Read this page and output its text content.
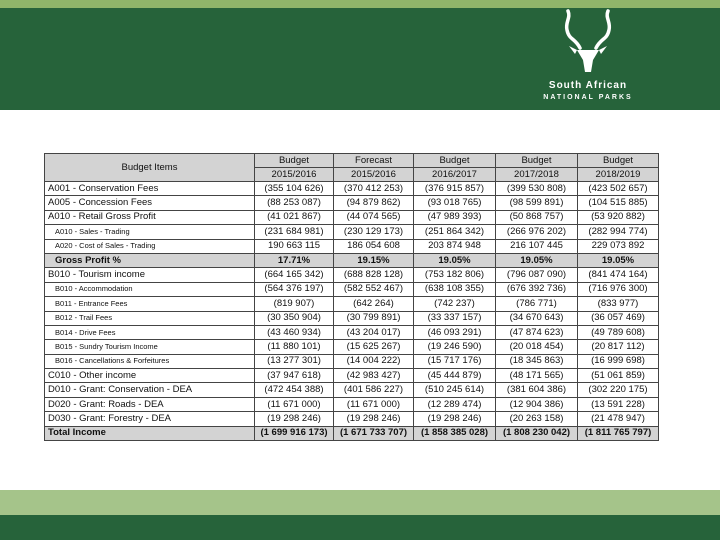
South African
NATIONAL PARKS
Budget Items	Budget	Forecast	Budget	Budget	Budget
	2015/2016	2015/2016	2016/2017	2017/2018	2018/2019
A001 - Conservation Fees	(355 104 626)	(370 412 253)	(376 915 857)	(399 530 808)	(423 502 657)
A005 - Concession Fees	(88 253 087)	(94 879 862)	(93 018 765)	(98 599 891)	(104 515 885)
A010 - Retail Gross Profit	(41 021 867)	(44 074 565)	(47 989 393)	(50 868 757)	(53 920 882)
A010 - Sales - Trading	(231 684 981)	(230 129 173)	(251 864 342)	(266 976 202)	(282 994 774)
A020 - Cost of Sales - Trading	190 663 115	186 054 608	203 874 948	216 107 445	229 073 892
Gross Profit %	17.71%	19.15%	19.05%	19.05%	19.05%
B010 - Tourism income	(664 165 342)	(688 828 128)	(753 182 806)	(796 087 090)	(841 474 164)
B010 - Accommodation	(564 376 197)	(582 552 467)	(638 108 355)	(676 392 736)	(716 976 300)
B011 - Entrance Fees	(819 907)	(642 264)	(742 237)	(786 771)	(833 977)
B012 - Trail Fees	(30 350 904)	(30 799 891)	(33 337 157)	(34 670 643)	(36 057 469)
B014 - Drive Fees	(43 460 934)	(43 204 017)	(46 093 291)	(47 874 623)	(49 789 608)
B015 - Sundry Tourism Income	(11 880 101)	(15 625 267)	(19 246 590)	(20 018 454)	(20 817 112)
B016 - Cancellations & Forfeitures	(13 277 301)	(14 004 222)	(15 717 176)	(18 345 863)	(16 999 698)
C010 - Other income	(37 947 618)	(42 983 427)	(45 444 879)	(48 171 565)	(51 061 859)
D010 - Grant: Conservation - DEA	(472 454 388)	(401 586 227)	(510 245 614)	(381 604 386)	(302 220 175)
D020 - Grant: Roads - DEA	(11 671 000)	(11 671 000)	(12 289 474)	(12 904 386)	(13 591 228)
D030 - Grant: Forestry - DEA	(19 298 246)	(19 298 246)	(19 298 246)	(20 263 158)	(21 478 947)
Total Income	(1 699 916 173)	(1 671 733 707)	(1 858 385 028)	(1 808 230 042)	(1 811 765 797)
